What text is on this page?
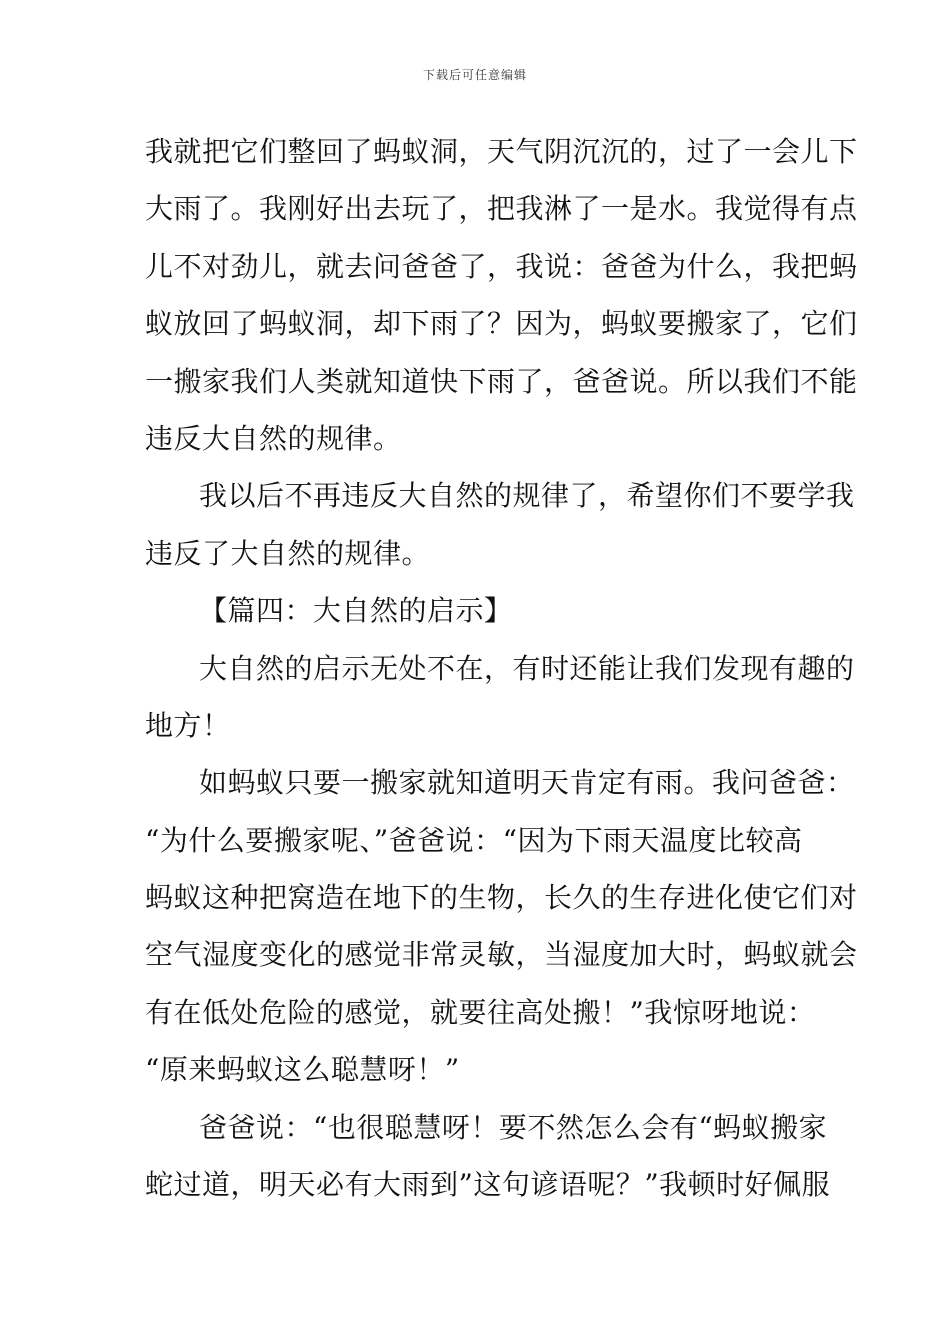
下载后可任意编辑
我就把它们整回了蚂蚁洞，天气阴沉沉的，过了一会儿下
大雨了。我刚好出去玩了，把我淋了一是水。我觉得有点
儿不对劲儿，就去问爸爸了，我说：爸爸为什么，我把蚂
蚁放回了蚂蚁洞，却下雨了？因为，蚂蚁要搬家了，它们
一搬家我们人类就知道快下雨了，爸爸说。所以我们不能
违反大自然的规律。
我以后不再违反大自然的规律了，希望你们不要学我
违反了大自然的规律。
【篇四：大自然的启示】
大自然的启示无处不在，有时还能让我们发现有趣的
地方！
如蚂蚁只要一搬家就知道明天肯定有雨。我问爸爸：
“为什么要搬家呢、”爸爸说：“因为下雨天温度比较高
蚂蚁这种把窝造在地下的生物，长久的生存进化使它们对
空气湿度变化的感觉非常灵敏，当湿度加大时，蚂蚁就会
有在低处危险的感觉，就要往高处搬！”我惊呀地说：
“原来蚂蚁这么聪慧呀！”
爸爸说：“也很聪慧呀！要不然怎么会有“蚂蚁搬家
蛇过道，明天必有大雨到”这句谚语呢？”我顿时好佩服
